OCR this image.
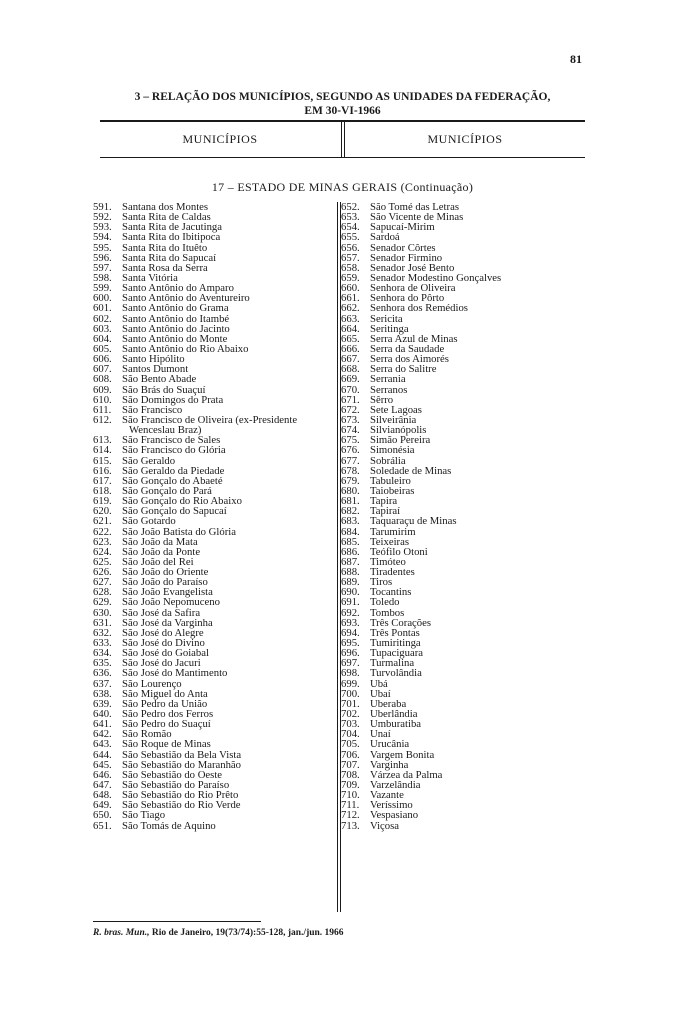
81
3 – RELAÇÃO DOS MUNICÍPIOS, SEGUNDO AS UNIDADES DA FEDERAÇÃO,
EM 30-VI-1966
MUNICÍPIOS	MUNICÍPIOS
17 – ESTADO DE MINAS GERAIS (Continuação)
591. Santana dos Montes
592. Santa Rita de Caldas
593. Santa Rita de Jacutinga
594. Santa Rita do Ibitipoca
595. Santa Rita do Ituêto
596. Santa Rita do Sapucaí
597. Santa Rosa da Serra
598. Santa Vitória
599. Santo Antônio do Amparo
600. Santo Antônio do Aventureiro
601. Santo Antônio do Grama
602. Santo Antônio do Itambé
603. Santo Antônio do Jacinto
604. Santo Antônio do Monte
605. Santo Antônio do Rio Abaixo
606. Santo Hipólito
607. Santos Dumont
608. São Bento Abade
609. São Brás do Suaçuí
610. São Domingos do Prata
611. São Francisco
612. São Francisco de Oliveira (ex-Presidente
Wenceslau Braz)
613. São Francisco de Sales
614. São Francisco do Glória
615. São Geraldo
616. São Geraldo da Piedade
617. São Gonçalo do Abaeté
618. São Gonçalo do Pará
619. São Gonçalo do Rio Abaixo
620. São Gonçalo do Sapucaí
621. São Gotardo
622. São João Batista do Glória
623. São João da Mata
624. São João da Ponte
625. São João del Rei
626. São João do Oriente
627. São João do Paraíso
628. São João Evangelista
629. São João Nepomuceno
630. São José da Safira
631. São José da Varginha
632. São José do Alegre
633. São José do Divino
634. São José do Goiabal
635. São José do Jacuri
636. São José do Mantimento
637. São Lourenço
638. São Miguel do Anta
639. São Pedro da União
640. São Pedro dos Ferros
641. São Pedro do Suaçuí
642. São Romão
643. São Roque de Minas
644. São Sebastião da Bela Vista
645. São Sebastião do Maranhão
646. São Sebastião do Oeste
647. São Sebastião do Paraíso
648. São Sebastião do Rio Prêto
649. São Sebastião do Rio Verde
650. São Tiago
651. São Tomás de Aquino
652. São Tomé das Letras
653. São Vicente de Minas
654. Sapucaí-Mirim
655. Sardoá
656. Senador Côrtes
657. Senador Firmino
658. Senador José Bento
659. Senador Modestino Gonçalves
660. Senhora de Oliveira
661. Senhora do Pôrto
662. Senhora dos Remédios
663. Sericita
664. Seritinga
665. Serra Azul de Minas
666. Serra da Saudade
667. Serra dos Aimorés
668. Serra do Salitre
669. Serrania
670. Serranos
671. Sêrro
672. Sete Lagoas
673. Silveirânia
674. Silvianópolis
675. Simão Pereira
676. Simonésia
677. Sobrália
678. Soledade de Minas
679. Tabuleiro
680. Taiobeiras
681. Tapira
682. Tapiraí
683. Taquaraçu de Minas
684. Tarumirim
685. Teixeiras
686. Teófilo Otoni
687. Timóteo
688. Tiradentes
689. Tiros
690. Tocantins
691. Toledo
692. Tombos
693. Três Corações
694. Três Pontas
695. Tumiritinga
696. Tupaciguara
697. Turmalina
698. Turvolândia
699. Ubá
700. Ubaí
701. Uberaba
702. Uberlândia
703. Umburatiba
704. Unaí
705. Urucânia
706. Vargem Bonita
707. Varginha
708. Várzea da Palma
709. Varzelândia
710. Vazante
711. Veríssimo
712. Vespasiano
713. Viçosa
R. bras. Mun., Rio de Janeiro, 19(73/74):55-128, jan./jun. 1966
